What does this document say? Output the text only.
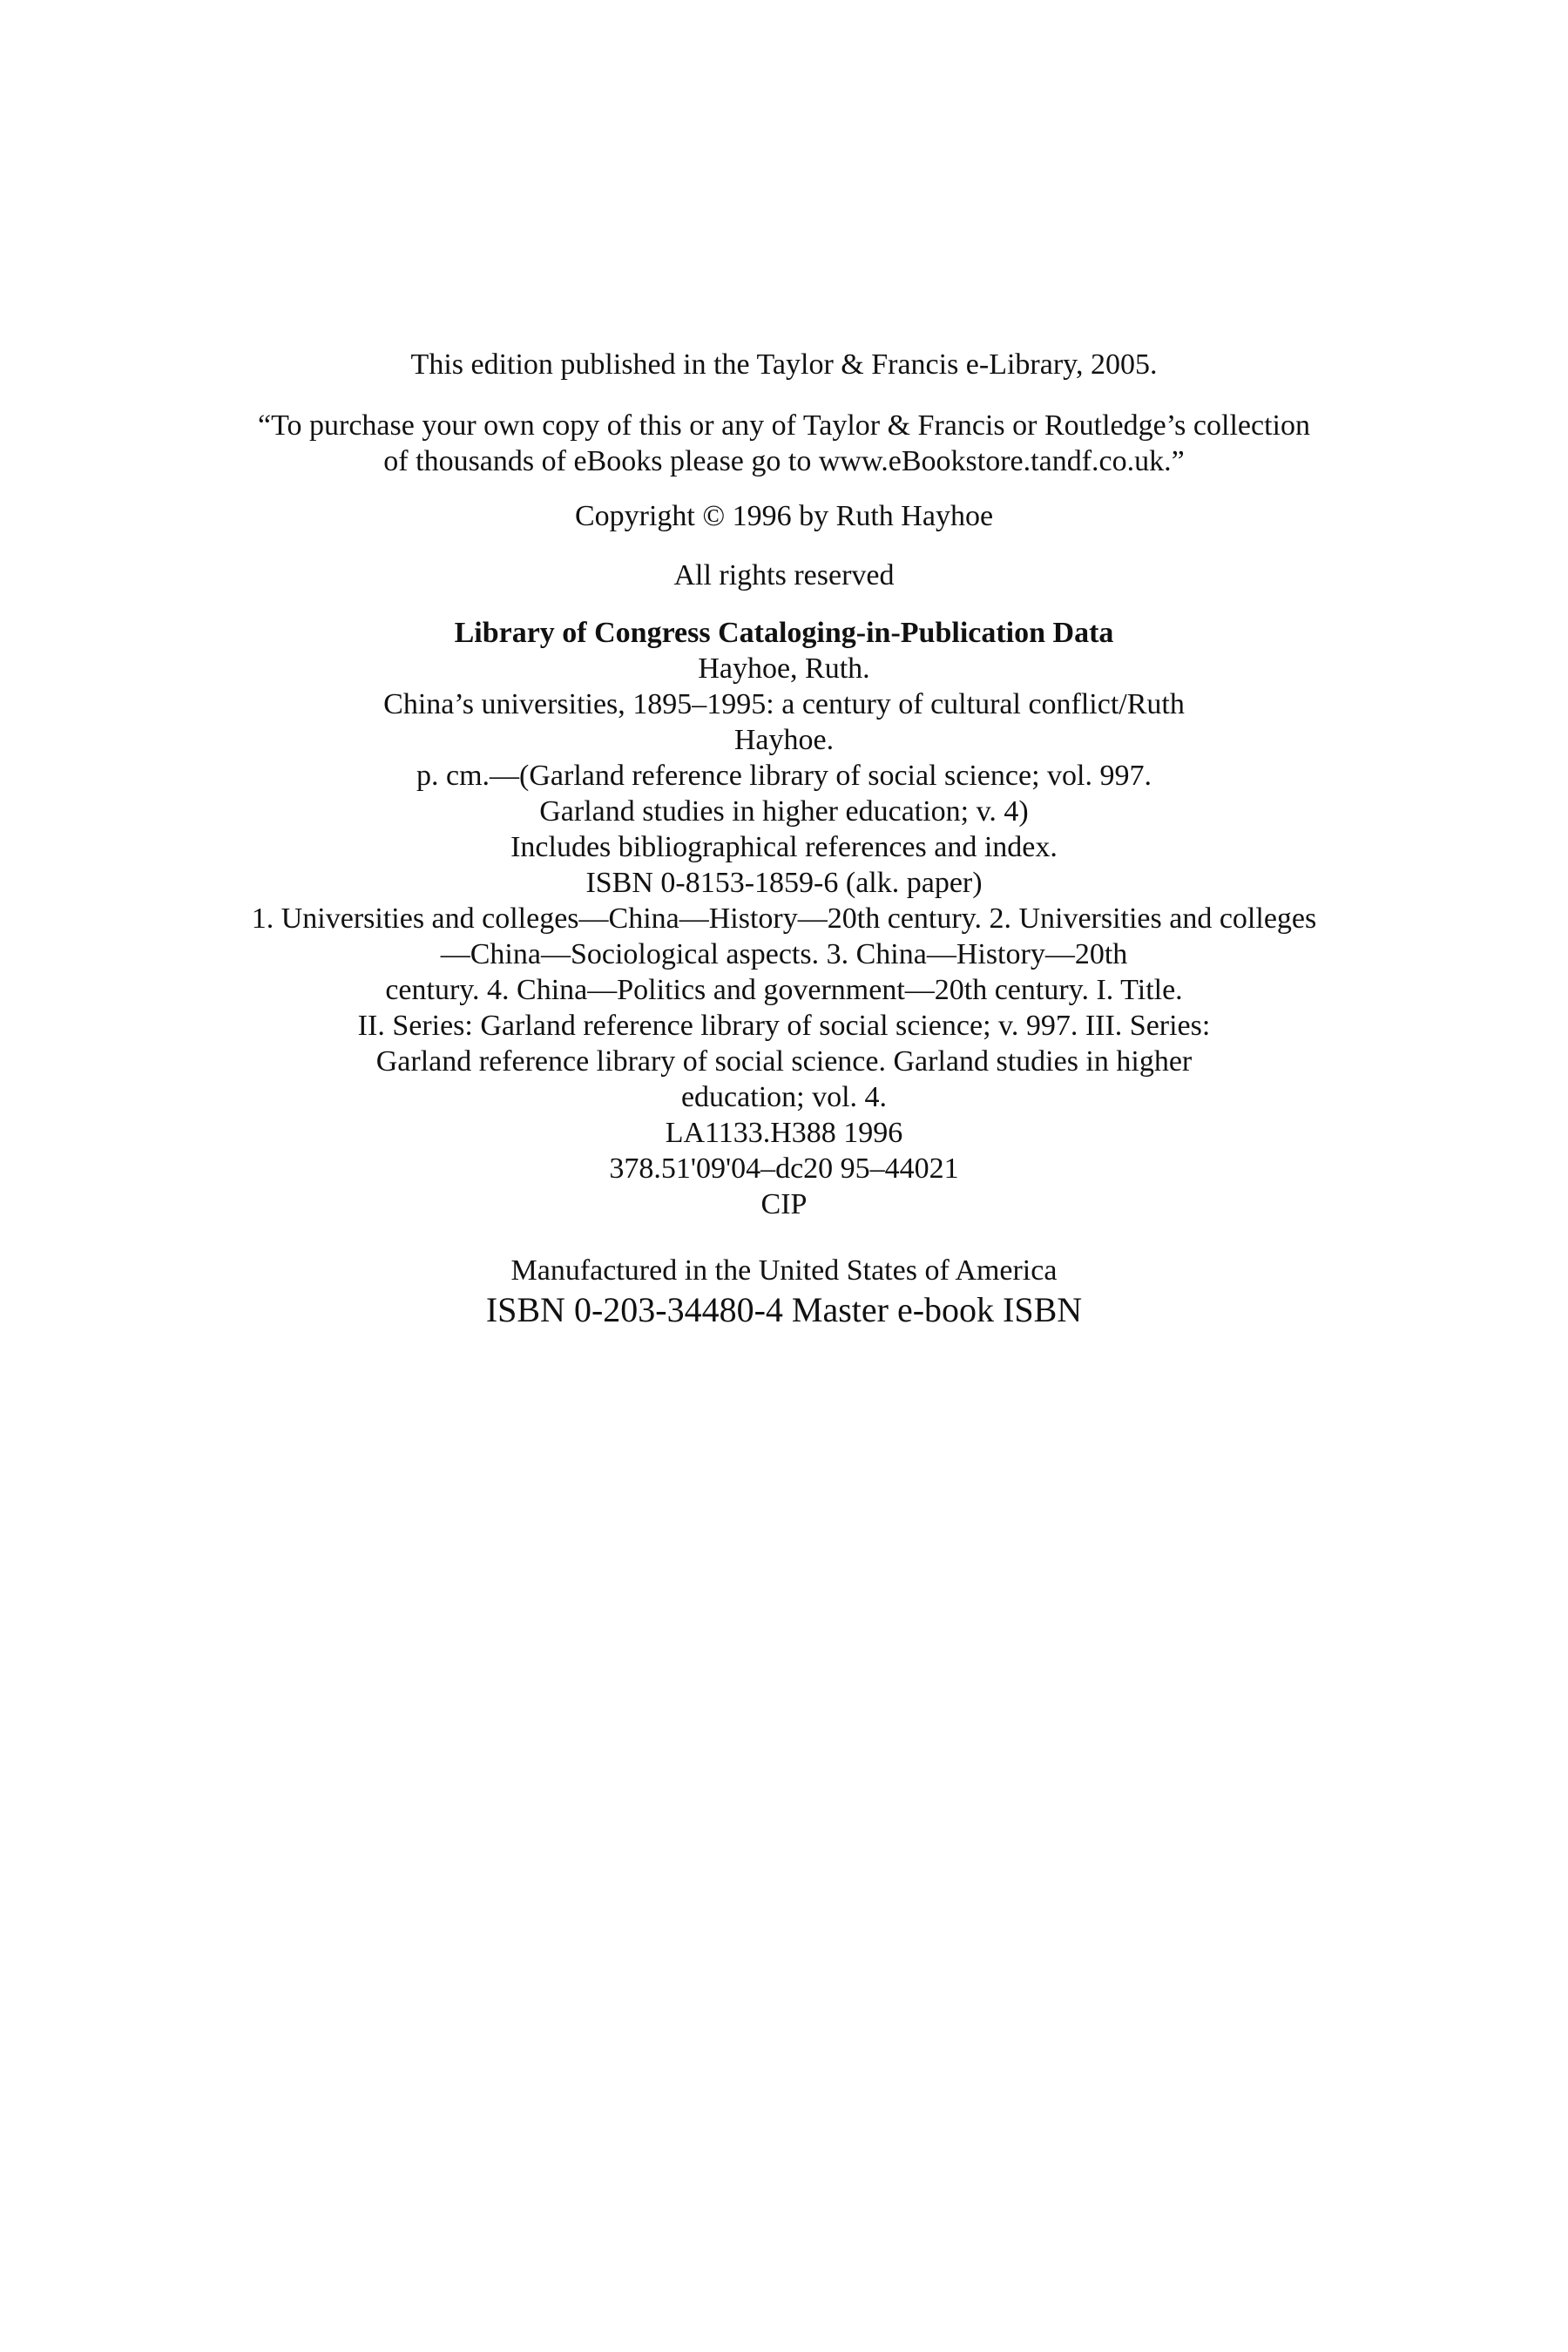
This edition published in the Taylor & Francis e-Library, 2005.

“To purchase your own copy of this or any of Taylor & Francis or Routledge’s collection

of thousands of eBooks please go to www.eBookstore.tandf.co.uk.”

Copyright © 1996 by Ruth Hayhoe

All rights reserved

Library of Congress Cataloging-in-Publication Data

Hayhoe, Ruth.

China’s universities, 1895–1995: a century of cultural conflict/Ruth

Hayhoe.

p. cm.—(Garland reference library of social science; vol. 997.

Garland studies in higher education; v. 4)

Includes bibliographical references and index.

ISBN 0-8153-1859-6 (alk. paper)

1. Universities and colleges—China—History—20th century. 2. Universities and colleges

—China—Sociological aspects. 3. China—History—20th

century. 4. China—Politics and government—20th century. I. Title.

II. Series: Garland reference library of social science; v. 997. III. Series:

Garland reference library of social science. Garland studies in higher

education; vol. 4.

LA1133.H388 1996

378.51'09'04–dc20 95–44021

CIP

Manufactured in the United States of America

ISBN 0-203-34480-4 Master e-book ISBN
